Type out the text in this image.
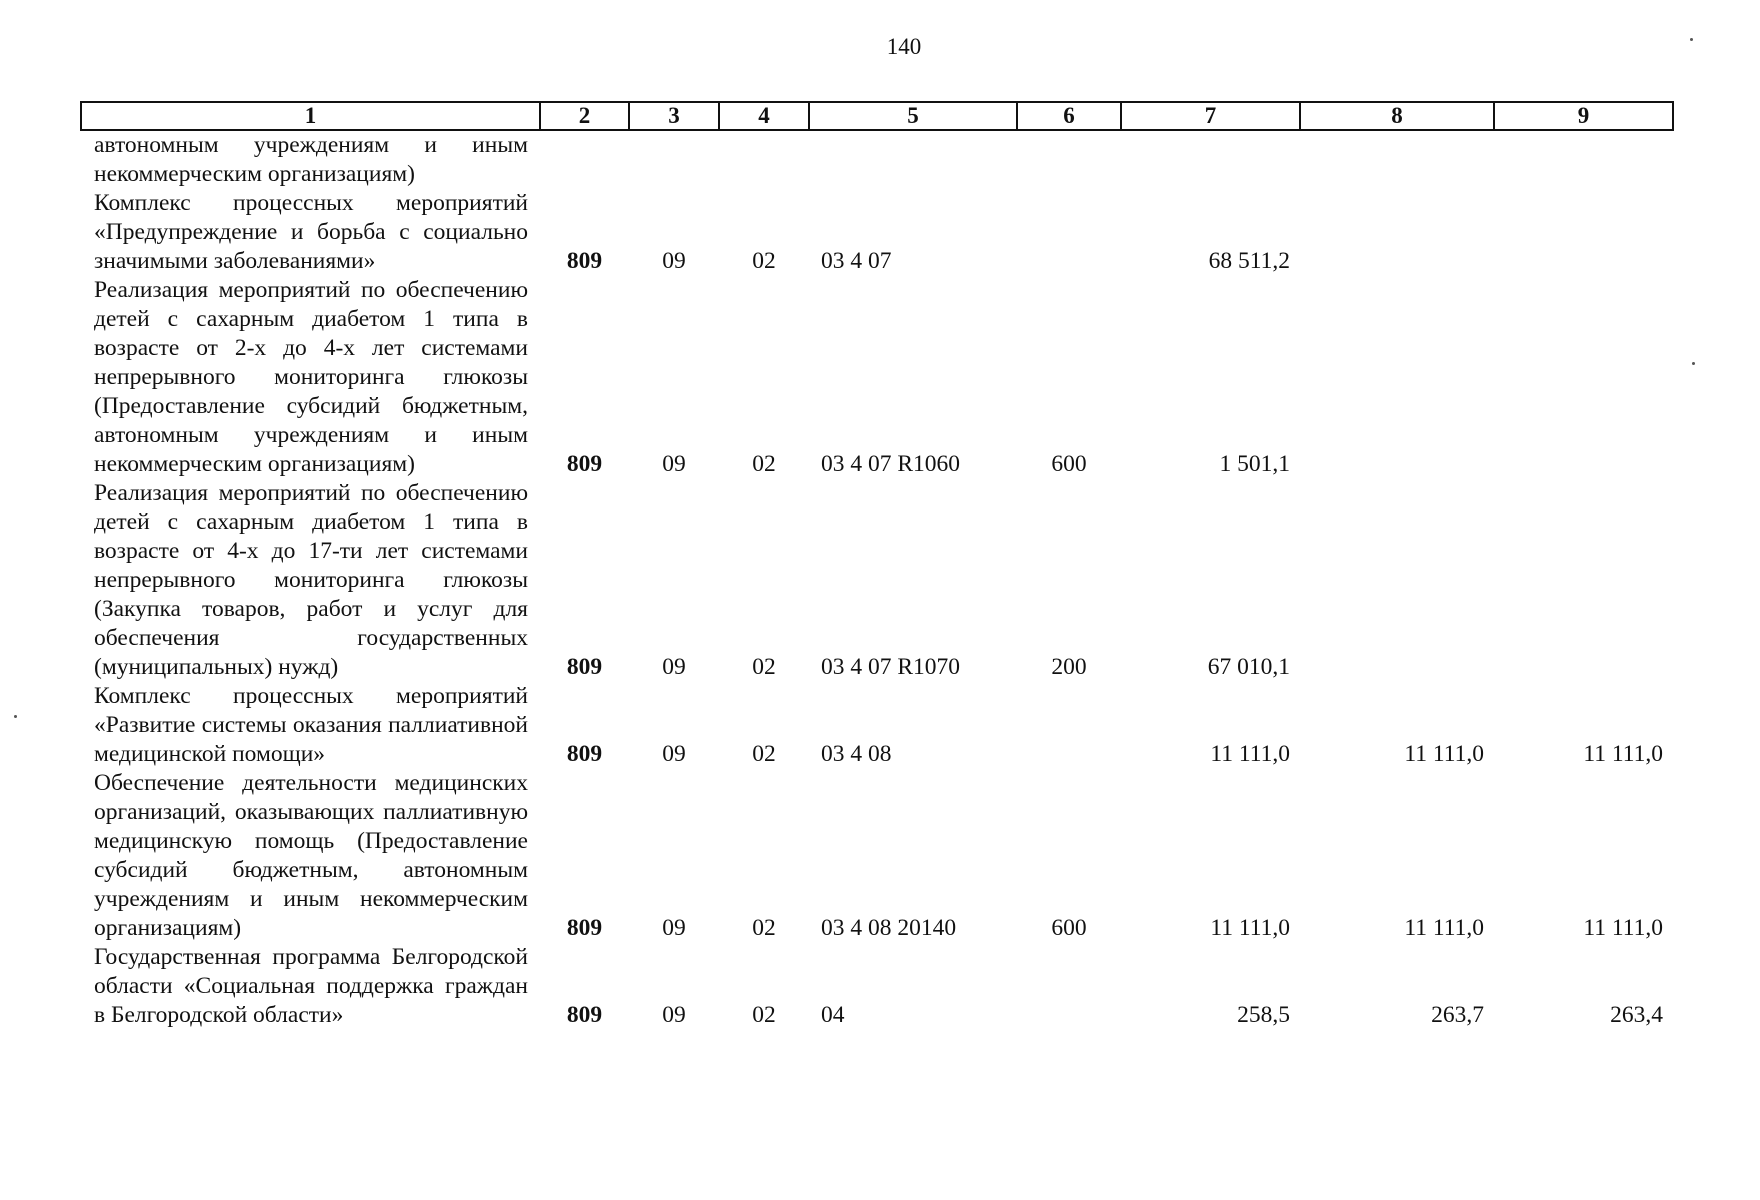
140
1	2	3	4	5	6	7	8	9
автономным учреждениям и иным некоммерческим организациям)								
Комплекс процессных мероприятий «Предупреждение и борьба с социально значимыми заболеваниями»	809	09	02	03 4 07		68 511,2		
Реализация мероприятий по обеспечению детей с сахарным диабетом 1 типа в возрасте от 2-х до 4-х лет системами непрерывного мониторинга глюкозы (Предоставление субсидий бюджетным, автономным учреждениям и иным некоммерческим организациям)	809	09	02	03 4 07 R1060	600	1 501,1		
Реализация мероприятий по обеспечению детей с сахарным диабетом 1 типа в возрасте от 4-х до 17-ти лет системами непрерывного мониторинга глюкозы (Закупка товаров, работ и услуг для обеспечения государственных (муниципальных) нужд)	809	09	02	03 4 07 R1070	200	67 010,1		
Комплекс процессных мероприятий «Развитие системы оказания паллиативной медицинской помощи»	809	09	02	03 4 08		11 111,0	11 111,0	11 111,0
Обеспечение деятельности медицинских организаций, оказывающих паллиативную медицинскую помощь (Предоставление субсидий бюджетным, автономным учреждениям и иным некоммерческим организациям)	809	09	02	03 4 08 20140	600	11 111,0	11 111,0	11 111,0
Государственная программа Белгородской области «Социальная поддержка граждан в Белгородской области»	809	09	02	04		258,5	263,7	263,4
